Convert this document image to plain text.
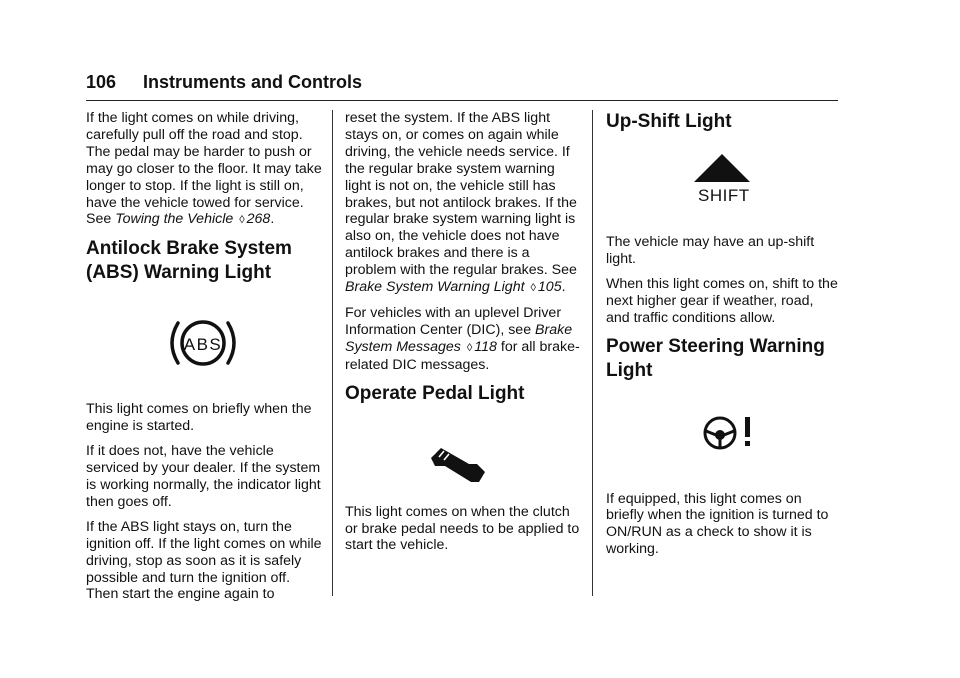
106 Instruments and Controls

If the light comes on while driving, carefully pull off the road and stop. The pedal may be harder to push or may go closer to the floor. It may take longer to stop. If the light is still on, have the vehicle towed for service. See Towing the Vehicle ◊ 268.

Antilock Brake System
(ABS) Warning Light
ABS

This light comes on briefly when the engine is started.

If it does not, have the vehicle serviced by your dealer. If the system is working normally, the indicator light then goes off.

If the ABS light stays on, turn the ignition off. If the light comes on while driving, stop as soon as it is safely possible and turn the ignition off. Then start the engine again to

reset the system. If the ABS light stays on, or comes on again while driving, the vehicle needs service. If the regular brake system warning light is not on, the vehicle still has brakes, but not antilock brakes. If the regular brake system warning light is also on, the vehicle does not have antilock brakes and there is a problem with the regular brakes. See Brake System Warning Light ◊ 105.

For vehicles with an uplevel Driver Information Center (DIC), see Brake System Messages ◊ 118 for all brake-related DIC messages.

Operate Pedal Light

This light comes on when the clutch or brake pedal needs to be applied to start the vehicle.

Up-Shift Light
SHIFT

The vehicle may have an up-shift light.

When this light comes on, shift to the next higher gear if weather, road, and traffic conditions allow.

Power Steering Warning
Light

If equipped, this light comes on briefly when the ignition is turned to ON/RUN as a check to show it is working.
